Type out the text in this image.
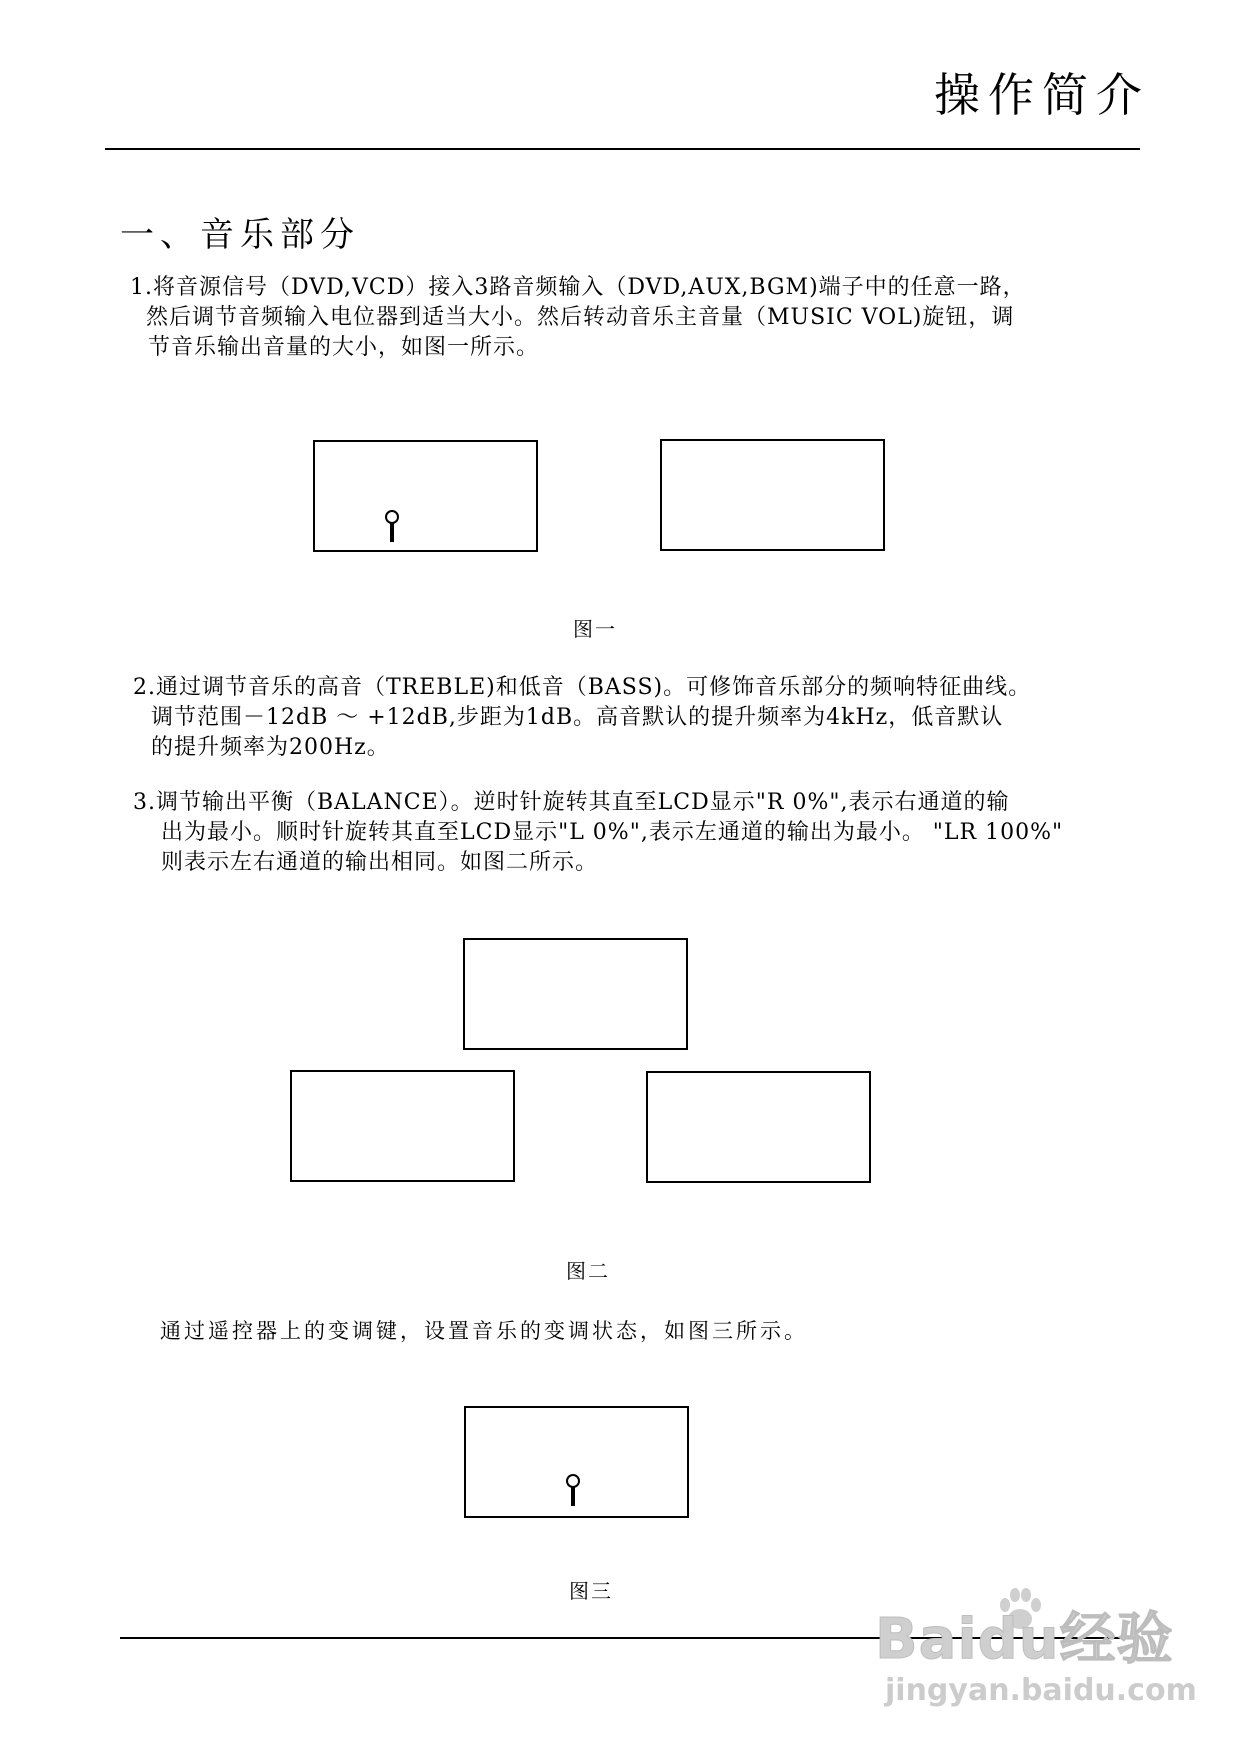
操作简介
一、音乐部分
1.将音源信号（DVD,VCD）接入3路音频输入（DVD,AUX,BGM)端子中的任意一路，
然后调节音频输入电位器到适当大小。然后转动音乐主音量（MUSIC VOL)旋钮，调
节音乐输出音量的大小，如图一所示。
图一
2.通过调节音乐的高音（TREBLE)和低音（BASS)。可修饰音乐部分的频响特征曲线。
调节范围－12dB ～ +12dB,步距为1dB。高音默认的提升频率为4kHz，低音默认
的提升频率为200Hz。
3.调节输出平衡（BALANCE）。逆时针旋转其直至LCD显示"R 0%",表示右通道的输
出为最小。顺时针旋转其直至LCD显示"L 0%",表示左通道的输出为最小。 "LR 100%"
则表示左右通道的输出相同。如图二所示。
图二
通过遥控器上的变调键，设置音乐的变调状态，如图三所示。
图三
Baidu经验
jingyan.baidu.com
